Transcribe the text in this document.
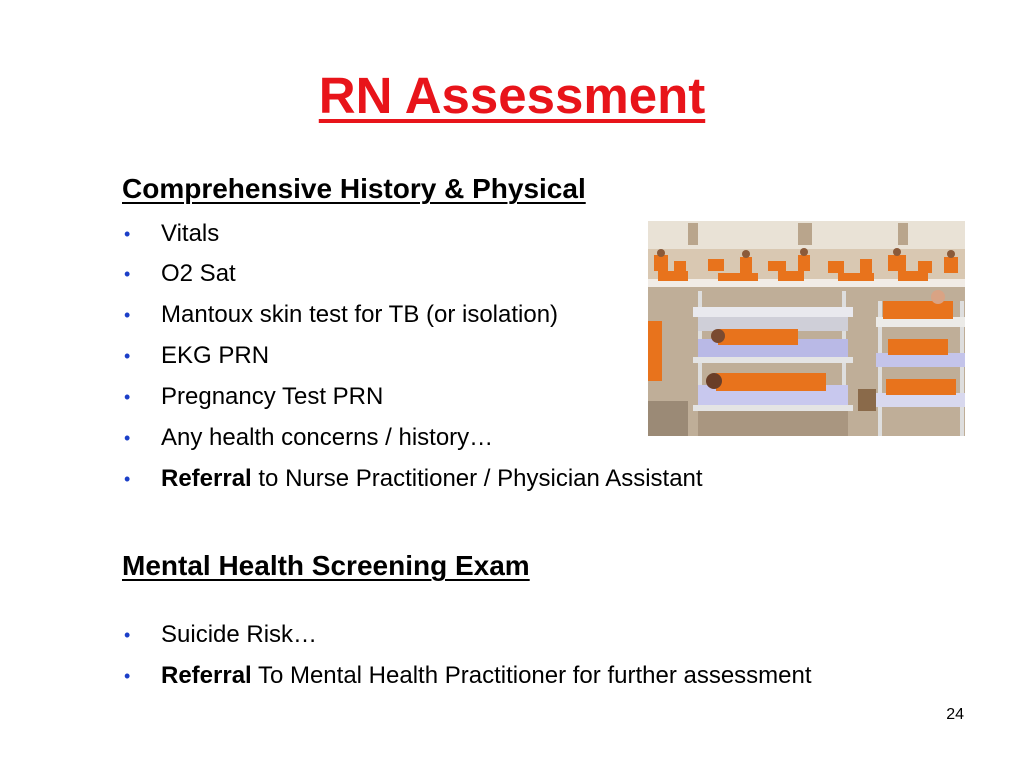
RN Assessment
Comprehensive History & Physical
• Vitals
• O2 Sat
• Mantoux skin test for TB (or isolation)
• EKG PRN
• Pregnancy Test PRN
• Any health concerns / history…
• Referral to Nurse Practitioner / Physician Assistant
Mental Health Screening Exam
• Suicide Risk…
• Referral To Mental Health Practitioner for further assessment
24
